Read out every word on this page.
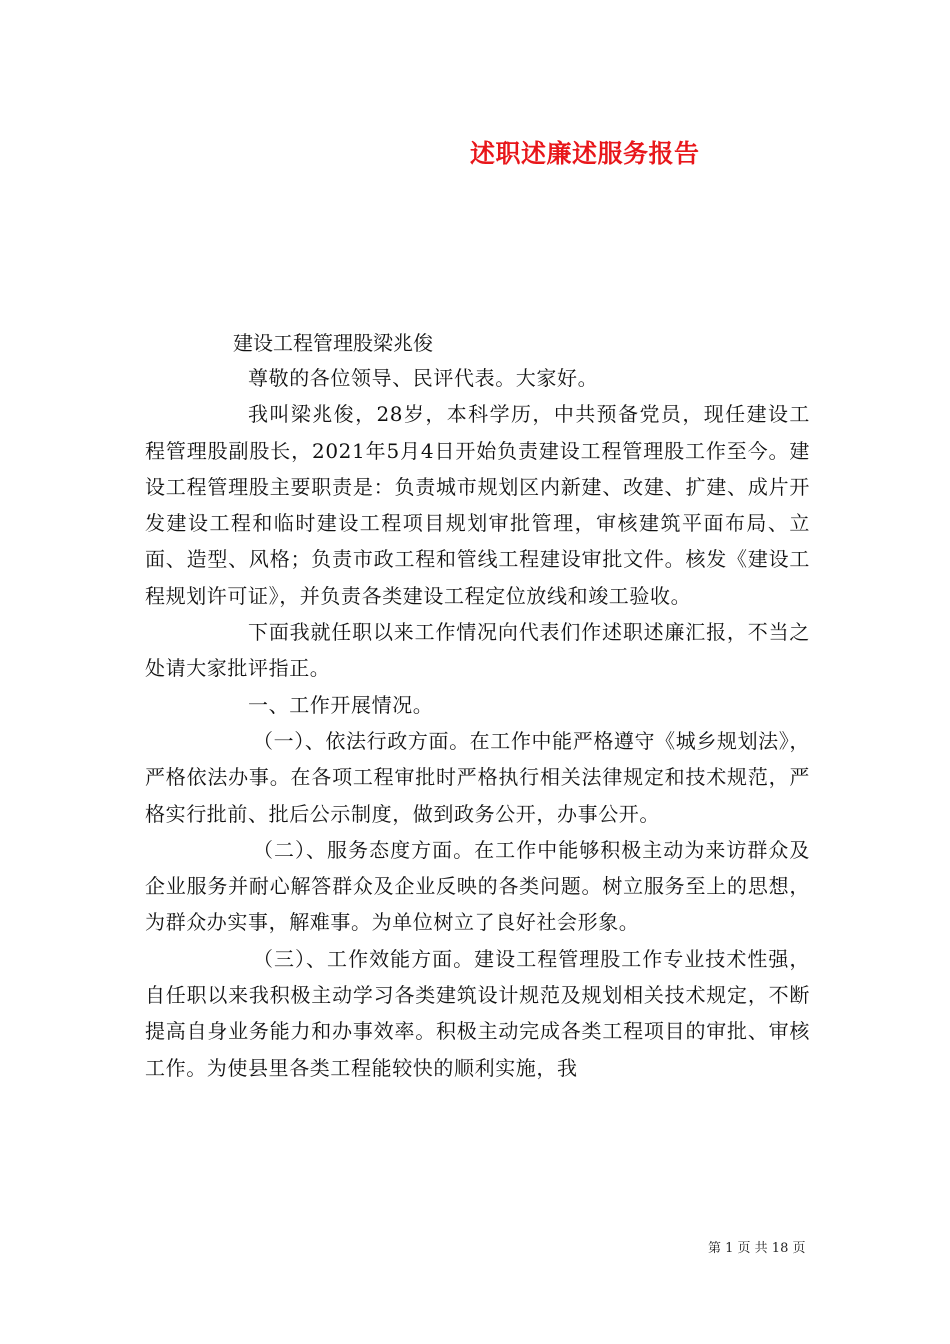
述职述廉述服务报告
建设工程管理股梁兆俊

尊敬的各位领导、民评代表。大家好。

我叫梁兆俊，28岁，本科学历，中共预备党员，现任建设工程管理股副股长，2021年5月4日开始负责建设工程管理股工作至今。建设工程管理股主要职责是：负责城市规划区内新建、改建、扩建、成片开发建设工程和临时建设工程项目规划审批管理，审核建筑平面布局、立面、造型、风格；负责市政工程和管线工程建设审批文件。核发《建设工程规划许可证》，并负责各类建设工程定位放线和竣工验收。

下面我就任职以来工作情况向代表们作述职述廉汇报，不当之处请大家批评指正。

一、工作开展情况。

（一）、依法行政方面。在工作中能严格遵守《城乡规划法》，严格依法办事。在各项工程审批时严格执行相关法律规定和技术规范，严格实行批前、批后公示制度，做到政务公开，办事公开。

（二）、服务态度方面。在工作中能够积极主动为来访群众及企业服务并耐心解答群众及企业反映的各类问题。树立服务至上的思想，为群众办实事，解难事。为单位树立了良好社会形象。

（三）、工作效能方面。建设工程管理股工作专业技术性强，自任职以来我积极主动学习各类建筑设计规范及规划相关技术规定，不断提高自身业务能力和办事效率。积极主动完成各类工程项目的审批、审核工作。为使县里各类工程能较快的顺利实施，我

第 1 页 共 18 页
